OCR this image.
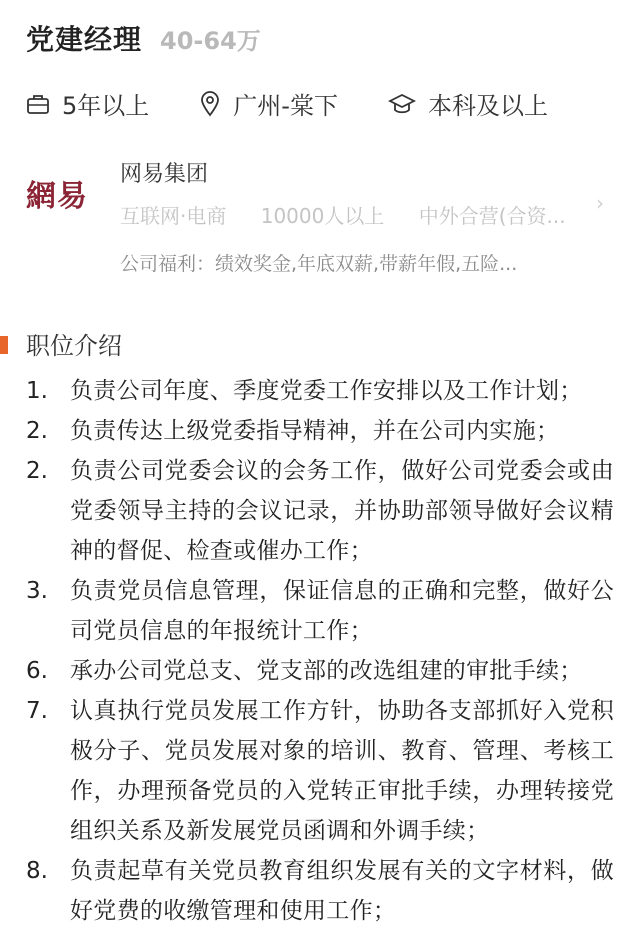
党建经理 40-64万
5年以上	广州-棠下	本科及以上
網易
网易集团
互联网·电商 10000人以上 中外合营(合资...
公司福利：绩效奖金,年底双薪,带薪年假,五险...
›
职位介绍
1. 负责公司年度、季度党委工作安排以及工作计划；
2. 负责传达上级党委指导精神，并在公司内实施；
2. 负责公司党委会议的会务工作，做好公司党委会或由党委领导主持的会议记录，并协助部领导做好会议精神的督促、检查或催办工作；
3. 负责党员信息管理，保证信息的正确和完整，做好公司党员信息的年报统计工作；
6. 承办公司党总支、党支部的改选组建的审批手续；
7. 认真执行党员发展工作方针，协助各支部抓好入党积极分子、党员发展对象的培训、教育、管理、考核工作，办理预备党员的入党转正审批手续，办理转接党组织关系及新发展党员函调和外调手续；
8. 负责起草有关党员教育组织发展有关的文字材料，做好党费的收缴管理和使用工作；
